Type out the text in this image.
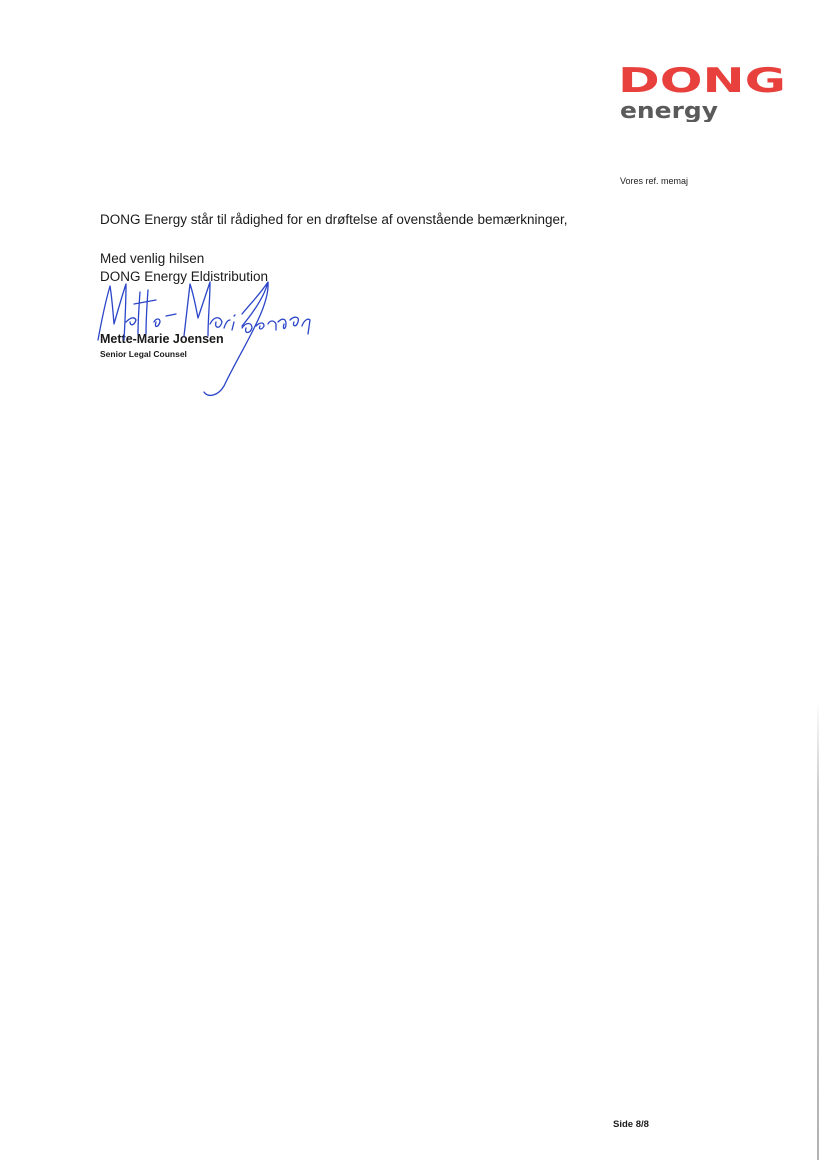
DONG
energy
Vores ref. memaj
DONG Energy står til rådighed for en drøftelse af ovenstående bemærkninger,
Med venlig hilsen
DONG Energy Eldistribution
Mette-Marie Joensen
Senior Legal Counsel
Side 8/8
